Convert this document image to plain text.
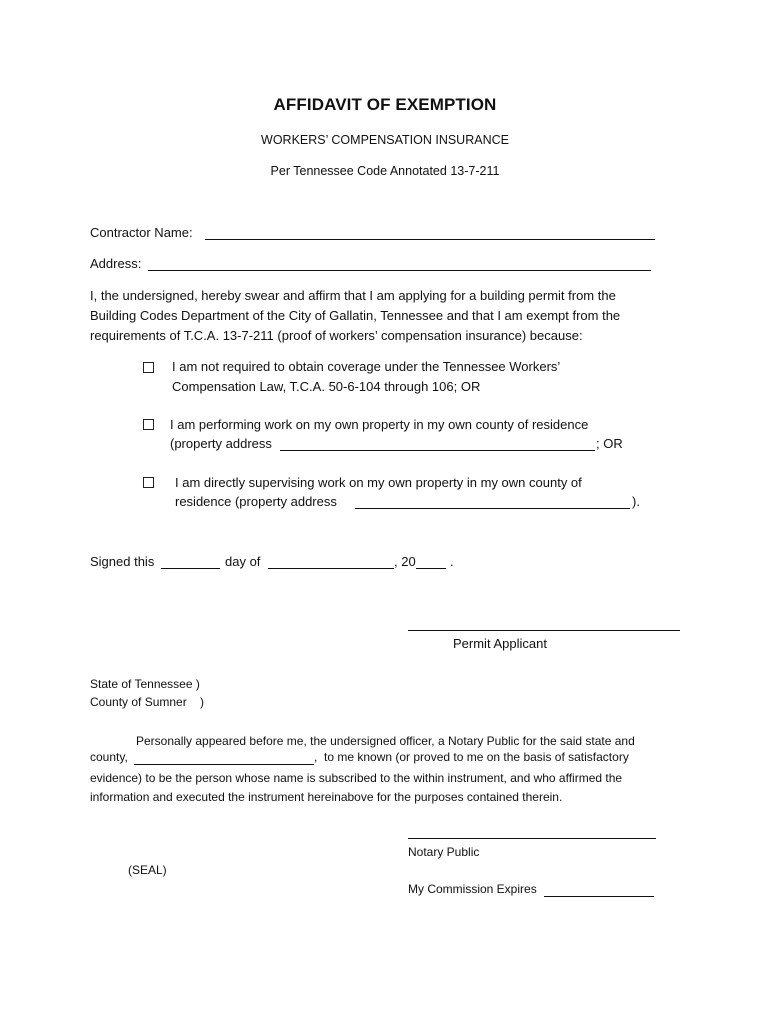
AFFIDAVIT OF EXEMPTION
WORKERS’ COMPENSATION INSURANCE
Per Tennessee Code Annotated 13-7-211
Contractor Name:
Address:
I, the undersigned, hereby swear and affirm that I am applying for a building permit from the
Building Codes Department of the City of Gallatin, Tennessee and that I am exempt from the
requirements of T.C.A. 13-7-211 (proof of workers’ compensation insurance) because:
I am not required to obtain coverage under the Tennessee Workers’
Compensation Law, T.C.A. 50-6-104 through 106; OR
I am performing work on my own property in my own county of residence
(property address	; OR
I am directly supervising work on my own property in my own county of
residence (property address	).
Signed this	day of	, 20	.
Permit Applicant
State of Tennessee )
County of Sumner    )
Personally appeared before me, the undersigned officer, a Notary Public for the said state and
county,	,  to me known (or proved to me on the basis of satisfactory
evidence) to be the person whose name is subscribed to the within instrument, and who affirmed the
information and executed the instrument hereinabove for the purposes contained therein.
Notary Public
(SEAL)
My Commission Expires
